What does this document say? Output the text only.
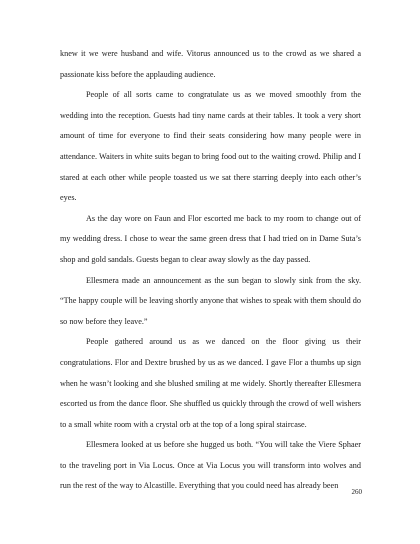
knew it we were husband and wife. Vitorus announced us to the crowd as we shared a passionate kiss before the applauding audience.

People of all sorts came to congratulate us as we moved smoothly from the wedding into the reception. Guests had tiny name cards at their tables. It took a very short amount of time for everyone to find their seats considering how many people were in attendance. Waiters in white suits began to bring food out to the waiting crowd. Philip and I stared at each other while people toasted us we sat there starring deeply into each other’s eyes.

As the day wore on Faun and Flor escorted me back to my room to change out of my wedding dress. I chose to wear the same green dress that I had tried on in Dame Suta’s shop and gold sandals. Guests began to clear away slowly as the day passed.

Ellesmera made an announcement as the sun began to slowly sink from the sky. “The happy couple will be leaving shortly anyone that wishes to speak with them should do so now before they leave.”

People gathered around us as we danced on the floor giving us their congratulations. Flor and Dextre brushed by us as we danced. I gave Flor a thumbs up sign when he wasn’t looking and she blushed smiling at me widely. Shortly thereafter Ellesmera escorted us from the dance floor. She shuffled us quickly through the crowd of well wishers to a small white room with a crystal orb at the top of a long spiral staircase.

Ellesmera looked at us before she hugged us both. “You will take the Viere Sphaer to the traveling port in Via Locus. Once at Via Locus you will transform into wolves and run the rest of the way to Alcastille. Everything that you could need has already been

260
